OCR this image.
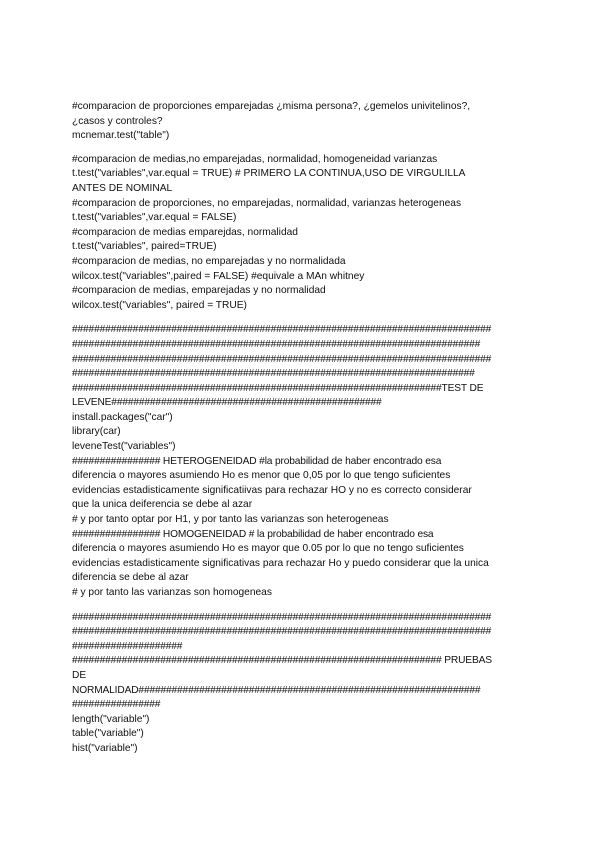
#comparacion de proporciones emparejadas ¿misma persona?, ¿gemelos univitelinos?,
¿casos y controles?
mcnemar.test("table")
#comparacion de medias,no emparejadas, normalidad, homogeneidad varianzas
t.test("variables",var.equal = TRUE) # PRIMERO LA CONTINUA,USO DE VIRGULILLA
ANTES DE NOMINAL
#comparacion de proporciones, no emparejadas, normalidad, varianzas heterogeneas
t.test("variables",var.equal = FALSE)
#comparacion de medias emparejdas, normalidad
t.test("variables", paired=TRUE)
#comparacion de medias, no emparejadas y no normalidada
wilcox.test("variables",paired = FALSE) #equivale a MAn whitney
#comparacion de medias, emparejadas y no normalidad
wilcox.test("variables", paired = TRUE)
############################################################################
##########################################################################
############################################################################
#########################################################################
###################################################################TEST DE
LEVENE#################################################
install.packages("car")
library(car)
leveneTest("variables")
################ HETEROGENEIDAD #la probabilidad de haber encontrado esa
diferencia o mayores asumiendo Ho es menor que 0,05 por lo que tengo suficientes
evidencias estadisticamente significatiivas para rechazar HO y no es correcto considerar
que la unica deiferencia se debe al azar
# y por tanto optar por H1, y por tanto las varianzas son heterogeneas
################ HOMOGENEIDAD # la probabilidad de haber encontrado esa
diferencia o mayores asumiendo Ho es mayor que 0.05 por lo que no tengo suficientes
evidencias estadisticamente significativas para rechazar Ho y puedo considerar que la unica
diferencia se debe al azar
# y por tanto las varianzas son homogeneas
############################################################################
############################################################################
####################
################################################################### PRUEBAS
DE
NORMALIDAD##############################################################
################
length("variable")
table("variable")
hist("variable")
